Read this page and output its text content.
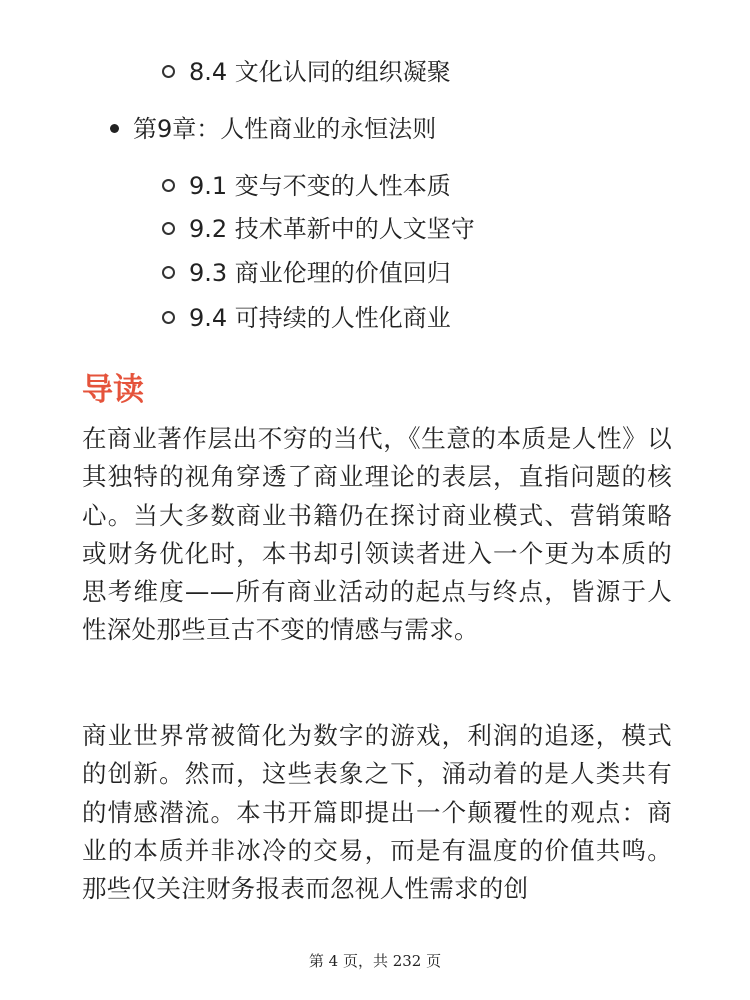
8.4 文化认同的组织凝聚
第9章：人性商业的永恒法则
9.1 变与不变的人性本质
9.2 技术革新中的人文坚守
9.3 商业伦理的价值回归
9.4 可持续的人性化商业
导读

在商业著作层出不穷的当代，《生意的本质是人性》以其独特的视角穿透了商业理论的表层，直指问题的核心。当大多数商业书籍仍在探讨商业模式、营销策略或财务优化时，本书却引领读者进入一个更为本质的思考维度——所有商业活动的起点与终点，皆源于人性深处那些亘古不变的情感与需求。

商业世界常被简化为数字的游戏，利润的追逐，模式的创新。然而，这些表象之下，涌动着的是人类共有的情感潜流。本书开篇即提出一个颠覆性的观点：商业的本质并非冰冷的交易，而是有温度的价值共鸣。那些仅关注财务报表而忽视人性需求的创

第 4 页，共 232 页
